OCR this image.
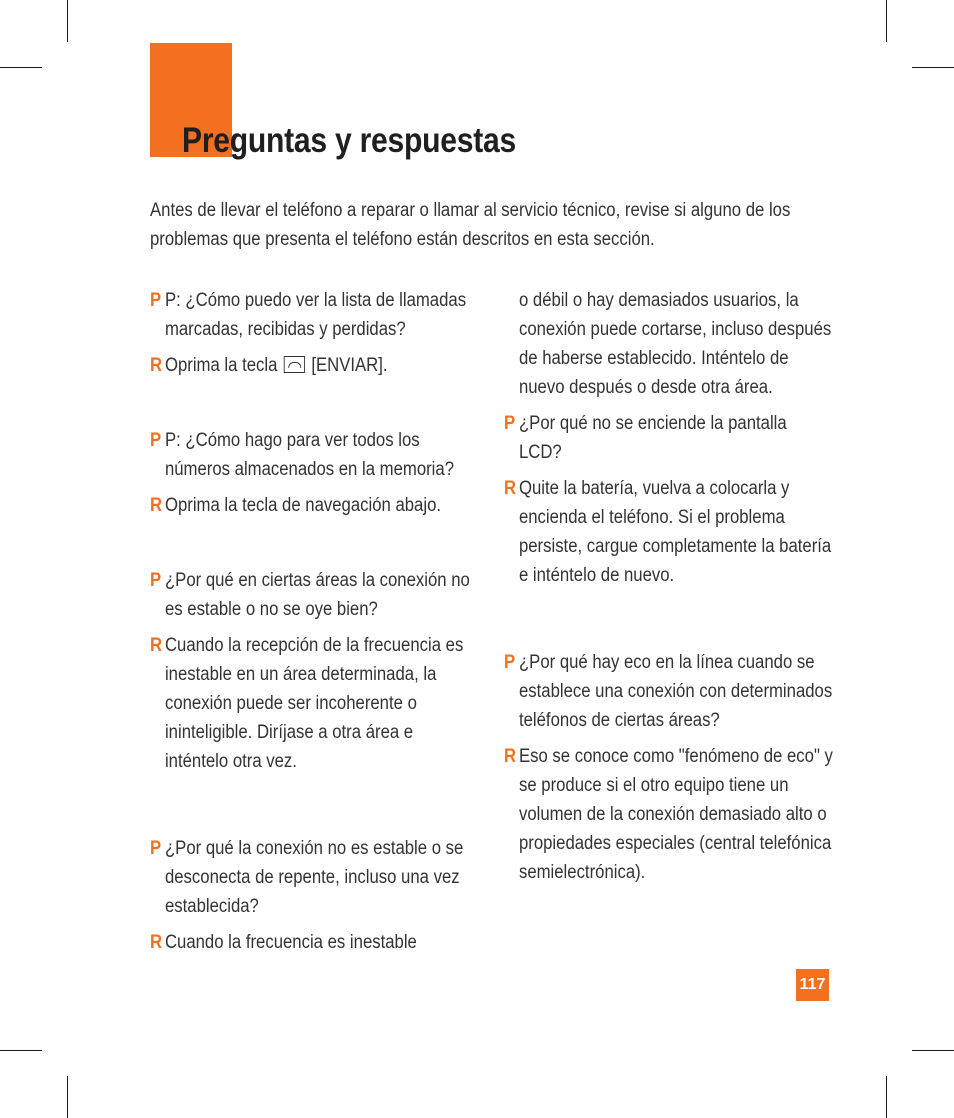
Preguntas y respuestas

Antes de llevar el teléfono a reparar o llamar al servicio técnico, revise si alguno de los problemas que presenta el teléfono están descritos en esta sección.

P P: ¿Cómo puedo ver la lista de llamadas marcadas, recibidas y perdidas?

R Oprima la tecla [ENVIAR].

P P: ¿Cómo hago para ver todos los números almacenados en la memoria?

R Oprima la tecla de navegación abajo.

P ¿Por qué en ciertas áreas la conexión no es estable o no se oye bien?

R Cuando la recepción de la frecuencia es inestable en un área determinada, la conexión puede ser incoherente o ininteligible. Diríjase a otra área e inténtelo otra vez.

P ¿Por qué la conexión no es estable o se desconecta de repente, incluso una vez establecida?

R Cuando la frecuencia es inestable

o débil o hay demasiados usuarios, la conexión puede cortarse, incluso después de haberse establecido. Inténtelo de nuevo después o desde otra área.

P ¿Por qué no se enciende la pantalla LCD?

R Quite la batería, vuelva a colocarla y encienda el teléfono. Si el problema persiste, cargue completamente la batería e inténtelo de nuevo.

P ¿Por qué hay eco en la línea cuando se establece una conexión con determinados teléfonos de ciertas áreas?

R Eso se conoce como "fenómeno de eco" y se produce si el otro equipo tiene un volumen de la conexión demasiado alto o propiedades especiales (central telefónica semielectrónica).

117
